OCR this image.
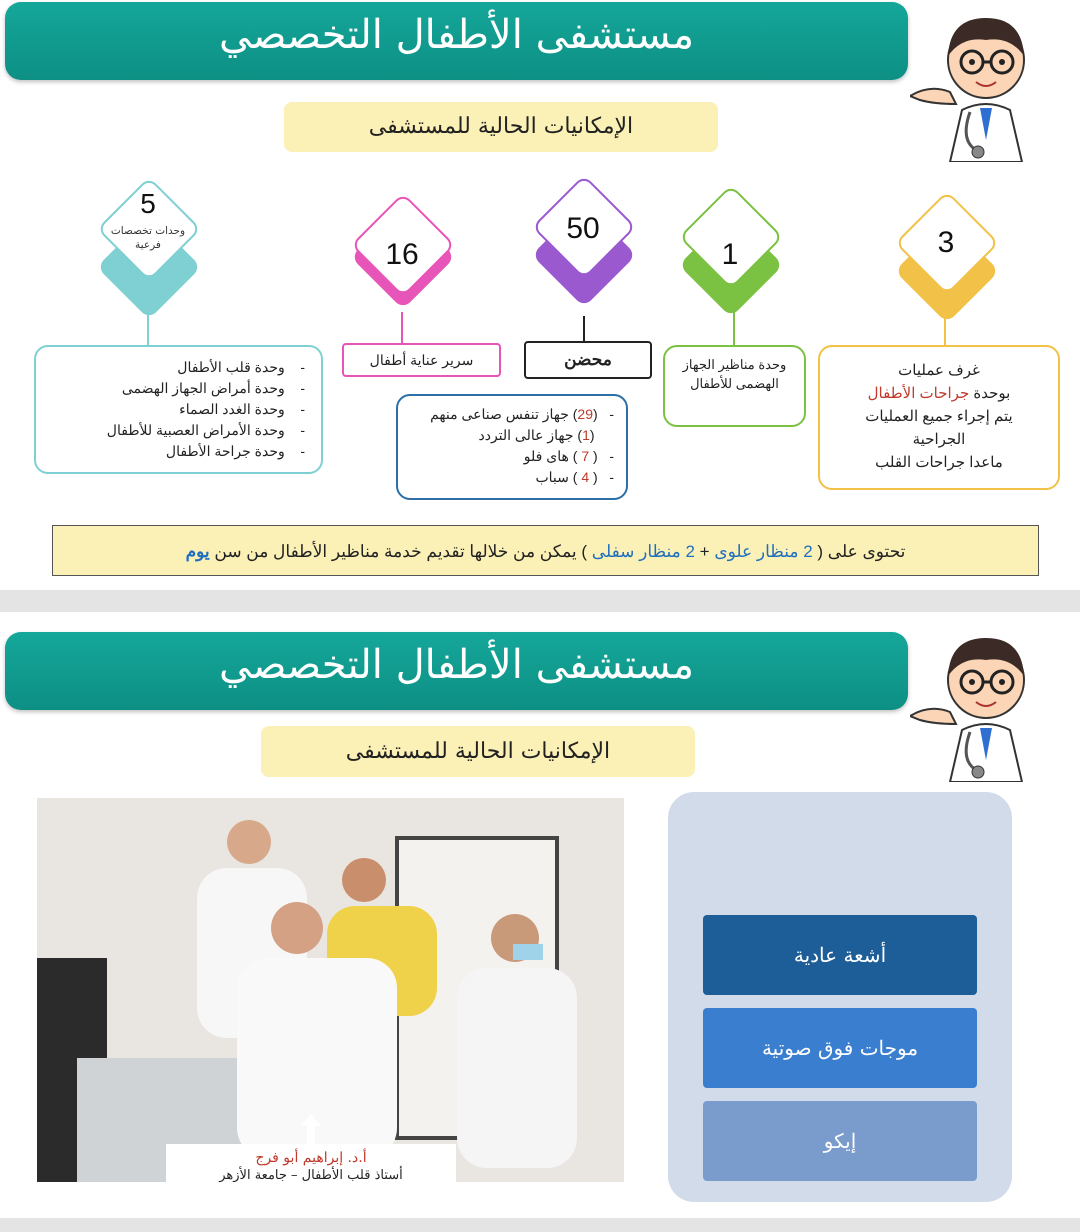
مستشفى الأطفال التخصصي
الإمكانيات الحالية للمستشفى
3
غرف عمليات
بوحدة جراحات الأطفال
يتم إجراء جميع العمليات
الجراحية
ماعدا جراحات القلب
1
وحدة مناظير الجهاز الهضمى للأطفال
50
محضن
-   (29) جهاز تنفس صناعى منهم
(1) جهاز عالى التردد
-   ( 7 ) هاى فلو
-   ( 4 ) سباب
16
سرير عناية أطفال
5
وحدات تخصصات فرعية
-    وحدة قلب الأطفال
-    وحدة أمراض الجهاز الهضمى
-    وحدة الغدد الصماء
-    وحدة الأمراض العصبية للأطفال
-    وحدة جراحة الأطفال
تحتوى على ( 2 منظار علوى + 2 منظار سفلى ) يمكن من خلالها تقديم خدمة مناظير الأطفال من سن يوم
مستشفى الأطفال التخصصي
الإمكانيات الحالية للمستشفى
أ.د. إبراهيم أبو فرج
أستاذ قلب الأطفال – جامعة الأزهر
أشعة عادية
موجات فوق صوتية
إيكو
